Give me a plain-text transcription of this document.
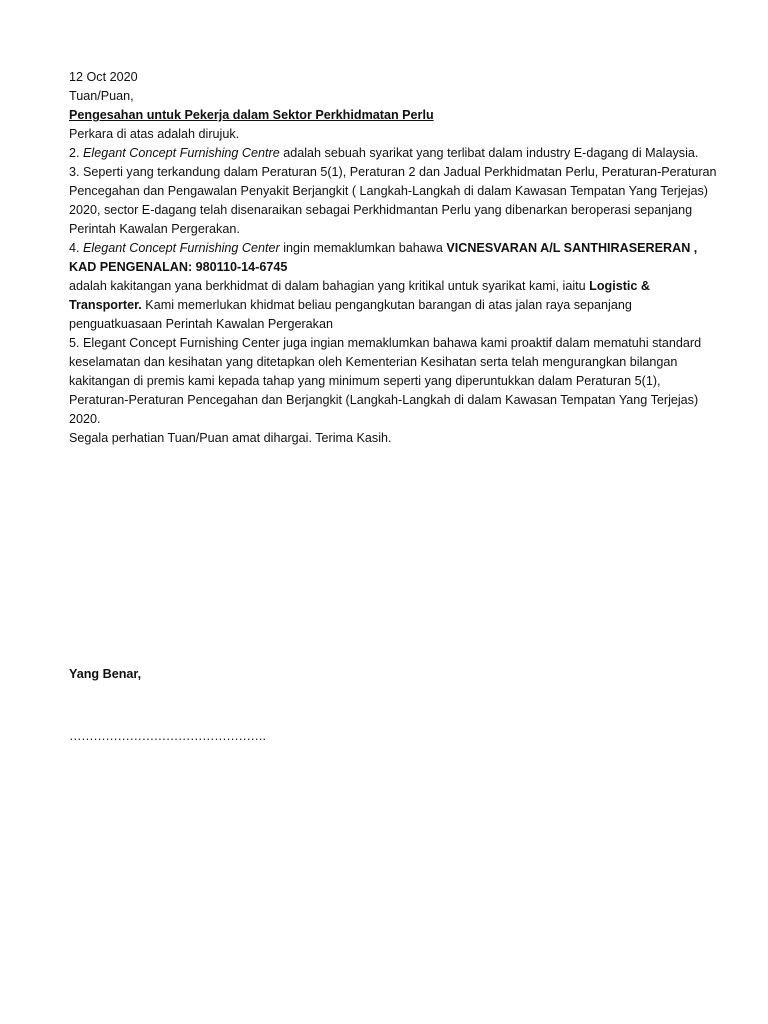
12 Oct 2020

Tuan/Puan,

Pengesahan untuk Pekerja dalam Sektor Perkhidmatan Perlu

Perkara di atas adalah dirujuk.

2. Elegant Concept Furnishing Centre adalah sebuah syarikat yang terlibat dalam industry E-dagang di Malaysia.

3. Seperti yang terkandung dalam Peraturan 5(1), Peraturan 2 dan Jadual Perkhidmatan Perlu, Peraturan-Peraturan Pencegahan dan Pengawalan Penyakit Berjangkit ( Langkah-Langkah di dalam Kawasan Tempatan Yang Terjejas) 2020, sector E-dagang telah disenaraikan sebagai Perkhidmantan Perlu yang dibenarkan beroperasi sepanjang Perintah Kawalan Pergerakan.

4. Elegant Concept Furnishing Center ingin memaklumkan bahawa VICNESVARAN A/L SANTHIRASERERAN ,

KAD PENGENALAN: 980110-14-6745

adalah kakitangan yana berkhidmat di dalam bahagian yang kritikal untuk syarikat kami, iaitu Logistic & Transporter. Kami memerlukan khidmat beliau pengangkutan barangan di atas jalan raya sepanjang penguatkuasaan Perintah Kawalan Pergerakan

5. Elegant Concept Furnishing Center juga ingian memaklumkan bahawa kami proaktif dalam mematuhi standard keselamatan dan kesihatan yang ditetapkan oleh Kementerian Kesihatan serta telah mengurangkan bilangan kakitangan di premis kami kepada tahap yang minimum seperti yang diperuntukkan dalam Peraturan 5(1), Peraturan-Peraturan Pencegahan dan Berjangkit (Langkah-Langkah di dalam Kawasan Tempatan Yang Terjejas) 2020.

Segala perhatian Tuan/Puan amat dihargai. Terima Kasih.

Yang Benar,
………………………………………….
